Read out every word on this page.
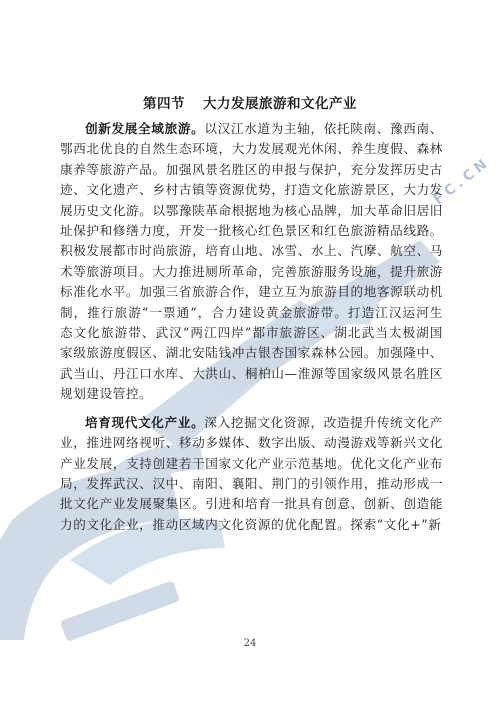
FC.CN
第四节 大力发展旅游和文化产业

创新发展全域旅游。以汉江水道为主轴，依托陕南、豫西南、鄂西北优良的自然生态环境，大力发展观光休闲、养生度假、森林康养等旅游产品。加强风景名胜区的申报与保护，充分发挥历史古迹、文化遗产、乡村古镇等资源优势，打造文化旅游景区，大力发展历史文化游。以鄂豫陕革命根据地为核心品牌，加大革命旧居旧址保护和修缮力度，开发一批核心红色景区和红色旅游精品线路。积极发展都市时尚旅游，培育山地、冰雪、水上、汽摩、航空、马术等旅游项目。大力推进厕所革命，完善旅游服务设施，提升旅游标准化水平。加强三省旅游合作，建立互为旅游目的地客源联动机制，推行旅游“一票通”，合力建设黄金旅游带。打造江汉运河生态文化旅游带、武汉“两江四岸”都市旅游区、湖北武当太极湖国家级旅游度假区、湖北安陆钱冲古银杏国家森林公园。加强隆中、武当山、丹江口水库、大洪山、桐柏山—淮源等国家级风景名胜区规划建设管控。

培育现代文化产业。深入挖掘文化资源，改造提升传统文化产业，推进网络视听、移动多媒体、数字出版、动漫游戏等新兴文化产业发展，支持创建若干国家文化产业示范基地。优化文化产业布局，发挥武汉、汉中、南阳、襄阳、荆门的引领作用，推动形成一批文化产业发展聚集区。引进和培育一批具有创意、创新、创造能力的文化企业，推动区域内文化资源的优化配置。探索“文化+”新

24
